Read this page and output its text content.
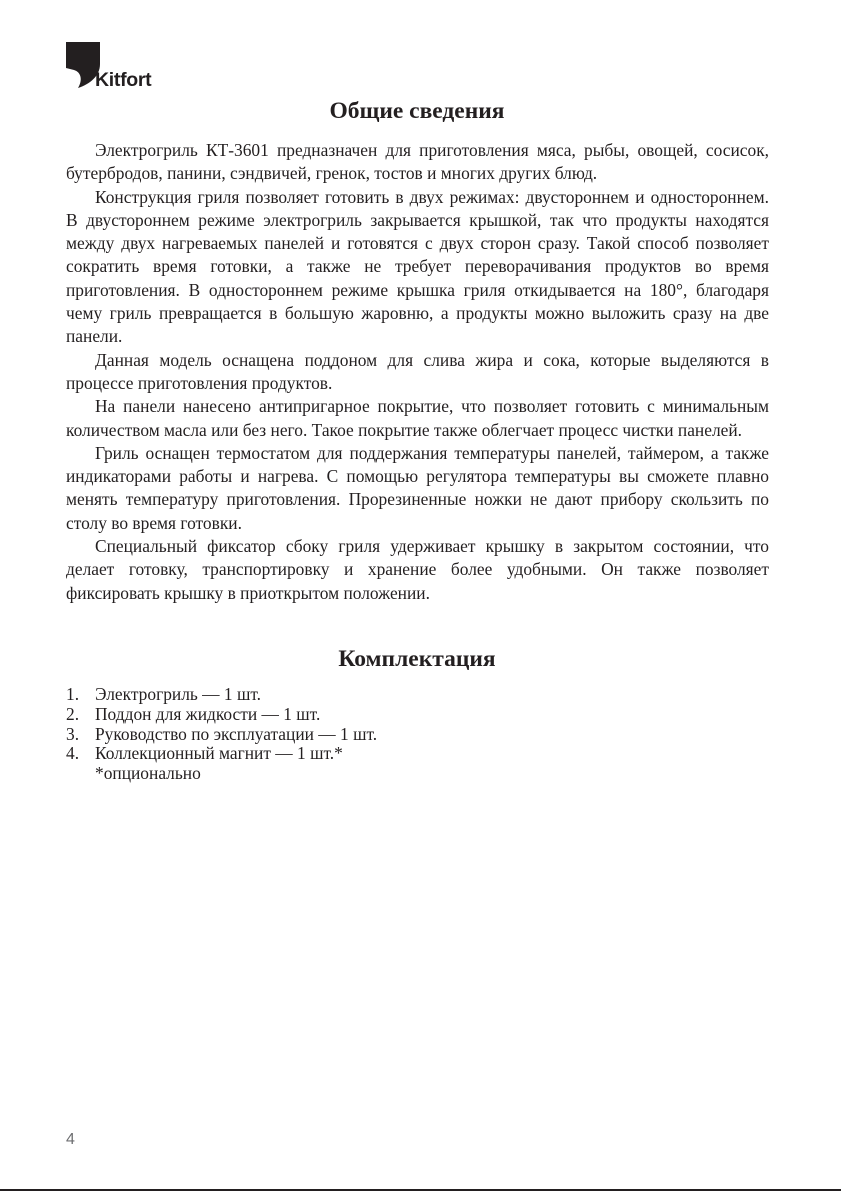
Kitfort
Общие сведения

Электрогриль КТ-3601 предназначен для приготовления мяса, рыбы, овощей, сосисок, бутербродов, панини, сэндвичей, гренок, тостов и многих других блюд.

Конструкция гриля позволяет готовить в двух режимах: двустороннем и одностороннем. В двустороннем режиме электрогриль закрывается крышкой, так что продукты находятся между двух нагреваемых панелей и готовятся с двух сторон сразу. Такой способ позволяет сократить время готовки, а также не требует переворачивания продуктов во время приготовления. В одностороннем режиме крышка гриля откидывается на 180°, благодаря чему гриль превращается в большую жаровню, а продукты можно выложить сразу на две панели.

Данная модель оснащена поддоном для слива жира и сока, которые выделяются в процессе приготовления продуктов.

На панели нанесено антипригарное покрытие, что позволяет готовить с минимальным количеством масла или без него. Такое покрытие также облегчает процесс чистки панелей.

Гриль оснащен термостатом для поддержания температуры панелей, таймером, а также индикаторами работы и нагрева. С помощью регулятора температуры вы сможете плавно менять температуру приготовления. Прорезиненные ножки не дают прибору скользить по столу во время готовки.

Специальный фиксатор сбоку гриля удерживает крышку в закрытом состоянии, что делает готовку, транспортировку и хранение более удобными. Он также позволяет фиксировать крышку в приоткрытом положении.

Комплектация
1. Электрогриль — 1 шт.
2. Поддон для жидкости — 1 шт.
3. Руководство по эксплуатации — 1 шт.
4. Коллекционный магнит — 1 шт.*
*опционально
4
